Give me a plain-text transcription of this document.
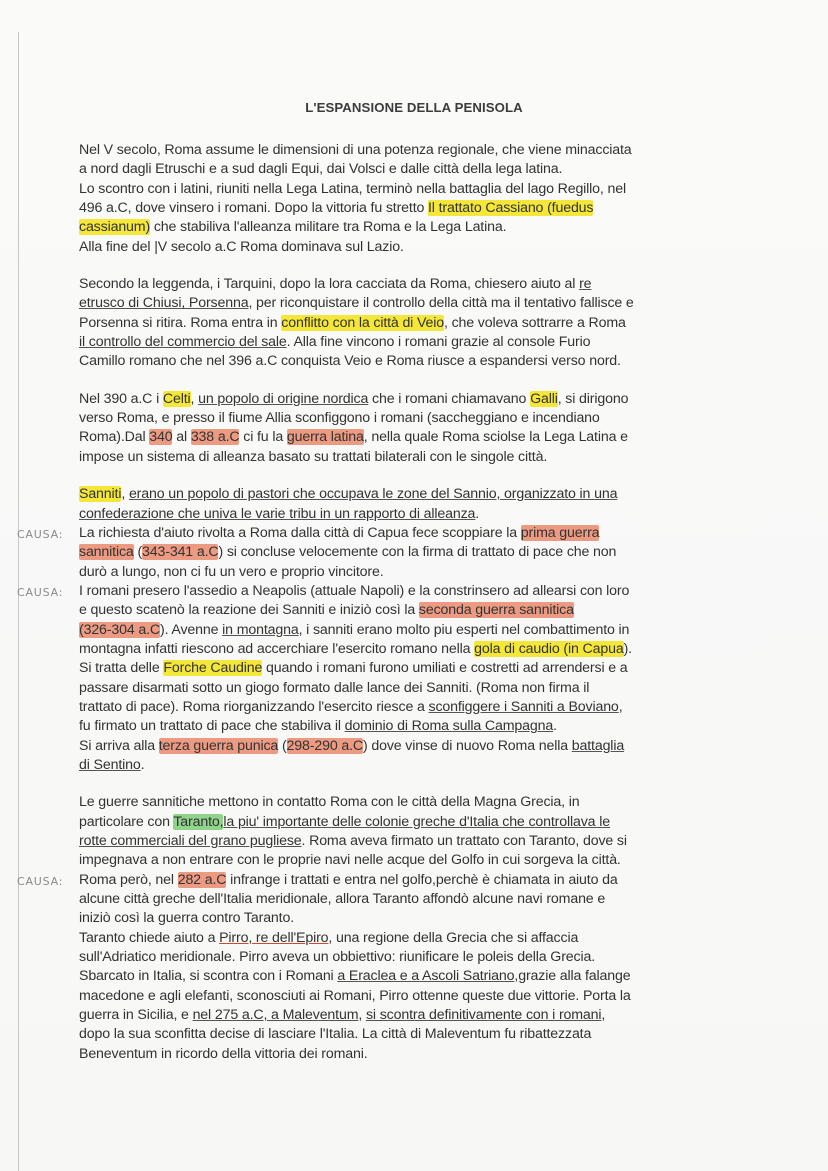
L'ESPANSIONE DELLA PENISOLA
Nel V secolo, Roma assume le dimensioni di una potenza regionale, che viene minacciata
a nord dagli Etruschi e a sud dagli Equi, dai Volsci e dalle città della lega latina.
Lo scontro con i latini, riuniti nella Lega Latina, terminò nella battaglia del lago Regillo, nel
496 a.C, dove vinsero i romani. Dopo la vittoria fu stretto Il trattato Cassiano (fuedus
cassianum) che stabiliva l'alleanza militare tra Roma e la Lega Latina.
Alla fine del |V secolo a.C Roma dominava sul Lazio.
Secondo la leggenda, i Tarquini, dopo la lora cacciata da Roma, chiesero aiuto al re
etrusco di Chiusi, Porsenna, per riconquistare il controllo della città ma il tentativo fallisce e
Porsenna si ritira. Roma entra in conflitto con la città di Veio, che voleva sottrarre a Roma
il controllo del commercio del sale. Alla fine vincono i romani grazie al console Furio
Camillo romano che nel 396 a.C conquista Veio e Roma riusce a espandersi verso nord.
Nel 390 a.C i Celti, un popolo di origine nordica che i romani chiamavano Galli, si dirigono
verso Roma, e presso il fiume Allia sconfiggono i romani (saccheggiano e incendiano
Roma).Dal 340 al 338 a.C ci fu la guerra latina, nella quale Roma sciolse la Lega Latina e
impose un sistema di alleanza basato su trattati bilaterali con le singole città.
Sanniti, erano un popolo di pastori che occupava le zone del Sannio, organizzato in una
confederazione che univa le varie tribu in un rapporto di alleanza.
La richiesta d'aiuto rivolta a Roma dalla città di Capua fece scoppiare la prima guerra
CAUSA:
sannitica (343-341 a.C) si concluse velocemente con la firma di trattato di pace che non
durò a lungo, non ci fu un vero e proprio vincitore.
I romani presero l'assedio a Neapolis (attuale Napoli) e la constrinsero ad allearsi con loro
CAUSA:
e questo scatenò la reazione dei Sanniti e iniziò così la seconda guerra sannitica
(326-304 a.C). Avenne in montagna, i sanniti erano molto piu esperti nel combattimento in
montagna infatti riescono ad accerchiare l'esercito romano nella gola di caudio (in Capua).
Si tratta delle Forche Caudine quando i romani furono umiliati e costretti ad arrendersi e a
passare disarmati sotto un giogo formato dalle lance dei Sanniti. (Roma non firma il
trattato di pace). Roma riorganizzando l'esercito riesce a sconfiggere i Sanniti a Boviano,
fu firmato un trattato di pace che stabiliva il dominio di Roma sulla Campagna.
Si arriva alla terza guerra punica (298-290 a.C) dove vinse di nuovo Roma nella battaglia
di Sentino.
Le guerre sannitiche mettono in contatto Roma con le città della Magna Grecia, in
particolare con Taranto,la piu' importante delle colonie greche d'Italia che controllava le
rotte commerciali del grano pugliese. Roma aveva firmato un trattato con Taranto, dove si
impegnava a non entrare con le proprie navi nelle acque del Golfo in cui sorgeva la città.
Roma però, nel 282 a.C infrange i trattati e entra nel golfo,perchè è chiamata in aiuto da
CAUSA:
alcune città greche dell'Italia meridionale, allora Taranto affondò alcune navi romane e
iniziò così la guerra contro Taranto.
Taranto chiede aiuto a Pirro, re dell'Epiro, una regione della Grecia che si affaccia
sull'Adriatico meridionale. Pirro aveva un obbiettivo: riunificare le poleis della Grecia.
Sbarcato in Italia, si scontra con i Romani a Eraclea e a Ascoli Satriano,grazie alla falange
macedone e agli elefanti, sconosciuti ai Romani, Pirro ottenne queste due vittorie. Porta la
guerra in Sicilia, e nel 275 a.C, a Maleventum, si scontra definitivamente con i romani,
dopo la sua sconfitta decise di lasciare l'Italia. La città di Maleventum fu ribattezzata
Beneventum in ricordo della vittoria dei romani.
